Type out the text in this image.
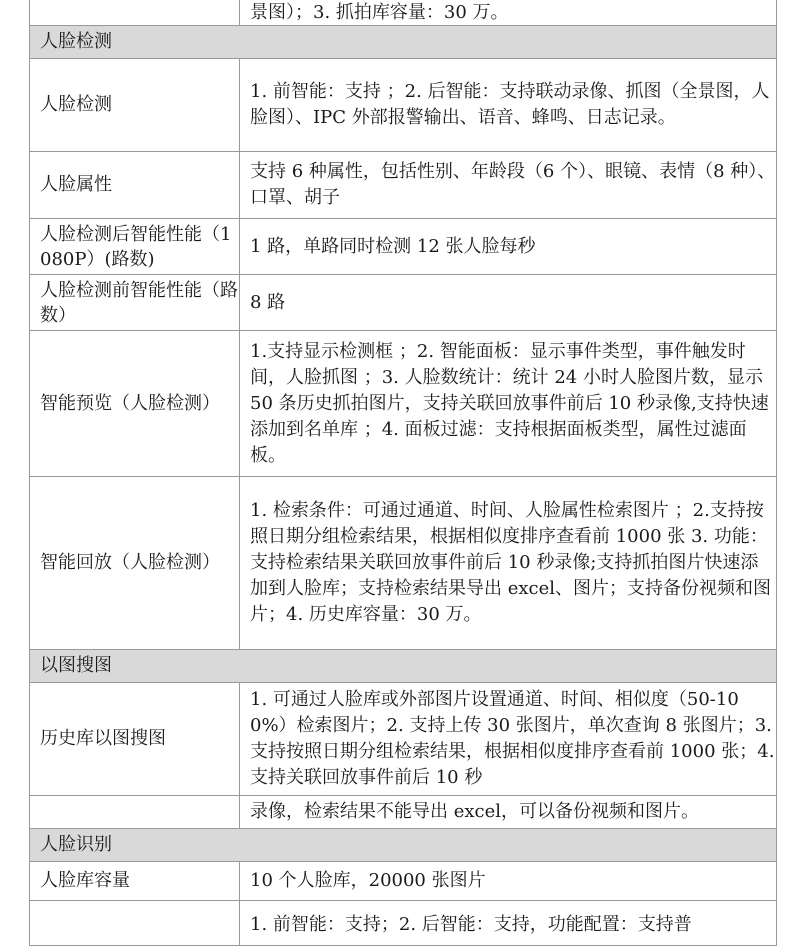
	景图）；3. 抓拍库容量：30 万。
人脸检测	
人脸检测	1. 前智能：支持 ；2. 后智能：支持联动录像、抓图（全景图，人脸图）、IPC 外部报警输出、语音、蜂鸣、日志记录。
人脸属性	支持 6 种属性，包括性别、年龄段（6 个）、眼镜、表情（8 种）、口罩、胡子
人脸检测后智能性能（1080P）(路数)	1 路，单路同时检测 12 张人脸每秒
人脸检测前智能性能（路数）	8 路
智能预览（人脸检测）	1.支持显示检测框 ；2. 智能面板：显示事件类型，事件触发时间，人脸抓图 ；3. 人脸数统计：统计 24 小时人脸图片数，显示 50 条历史抓拍图片，支持关联回放事件前后 10 秒录像,支持快速添加到名单库 ；4. 面板过滤：支持根据面板类型，属性过滤面板。
智能回放（人脸检测）	1. 检索条件：可通过通道、时间、人脸属性检索图片 ；2.支持按照日期分组检索结果，根据相似度排序查看前 1000 张 3. 功能：支持检索结果关联回放事件前后 10 秒录像;支持抓拍图片快速添加到人脸库；支持检索结果导出 excel、图片；支持备份视频和图片；4. 历史库容量：30 万。
以图搜图	
历史库以图搜图	1. 可通过人脸库或外部图片设置通道、时间、相似度（50-100%）检索图片；2. 支持上传 30 张图片，单次查询 8 张图片；3. 支持按照日期分组检索结果，根据相似度排序查看前 1000 张；4. 支持关联回放事件前后 10 秒
	录像，检索结果不能导出 excel，可以备份视频和图片。
人脸识别	
人脸库容量	10 个人脸库，20000 张图片
	1. 前智能：支持；2. 后智能：支持，功能配置：支持普
